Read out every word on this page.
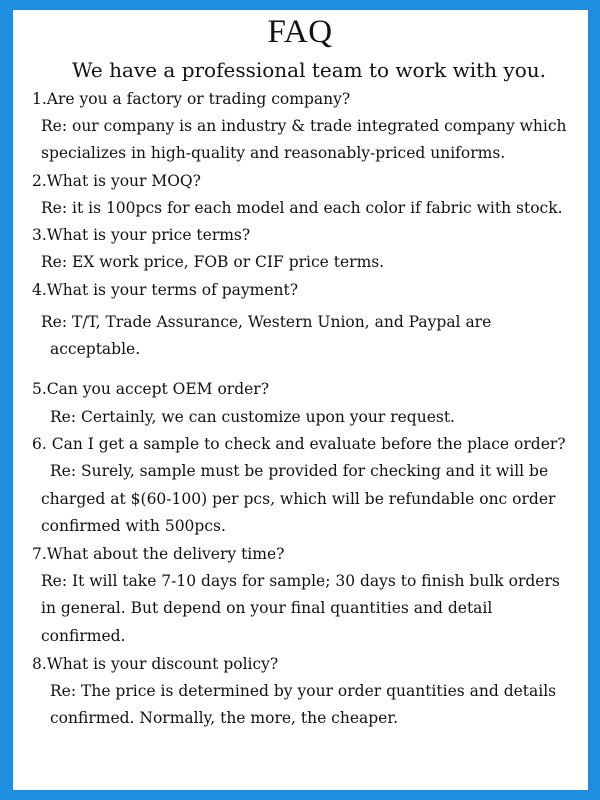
FAQ
We have a professional team to work with you.
1.Are you a factory or trading company?
Re: our company is an industry & trade integrated company which
specializes in high-quality and reasonably-priced uniforms.
2.What is your MOQ?
Re: it is 100pcs for each model and each color if fabric with stock.
3.What is your price terms?
Re: EX work price, FOB or CIF price terms.
4.What is your terms of payment?
Re: T/T, Trade Assurance, Western Union, and Paypal are
acceptable.
5.Can you accept OEM order?
Re: Certainly, we can customize upon your request.
6. Can I get a sample to check and evaluate before the place order?
Re: Surely, sample must be provided for checking and it will be
charged at $(60-100) per pcs, which will be refundable onc order
confirmed with 500pcs.
7.What about the delivery time?
Re: It will take 7-10 days for sample; 30 days to finish bulk orders
in general. But depend on your final quantities and detail
confirmed.
8.What is your discount policy?
Re: The price is determined by your order quantities and details
confirmed. Normally, the more, the cheaper.
